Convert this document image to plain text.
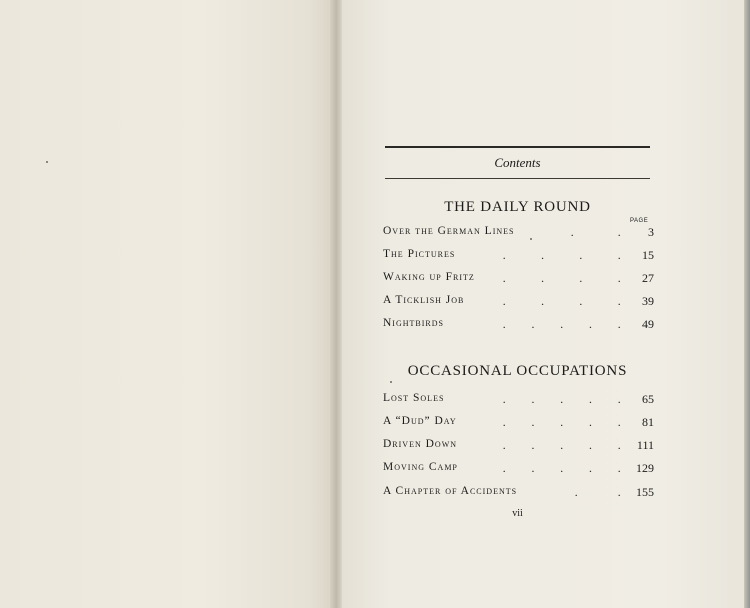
Contents
THE DAILY ROUND
PAGE
Over the German Lines	.	. 3
The Pictures	.	.	.	. 15
Waking up Fritz .	.	.	. 27
A Ticklish Job	.	.	.	. 39
Nightbirds	. . . . . 49
OCCASIONAL OCCUPATIONS
Lost Soles	. . . . . 65
A “Dud” Day	. . . . . 81
Driven Down	. . . . . 111
Moving Camp	. . . . . 129
A Chapter of Accidents	.	. 155
vii
